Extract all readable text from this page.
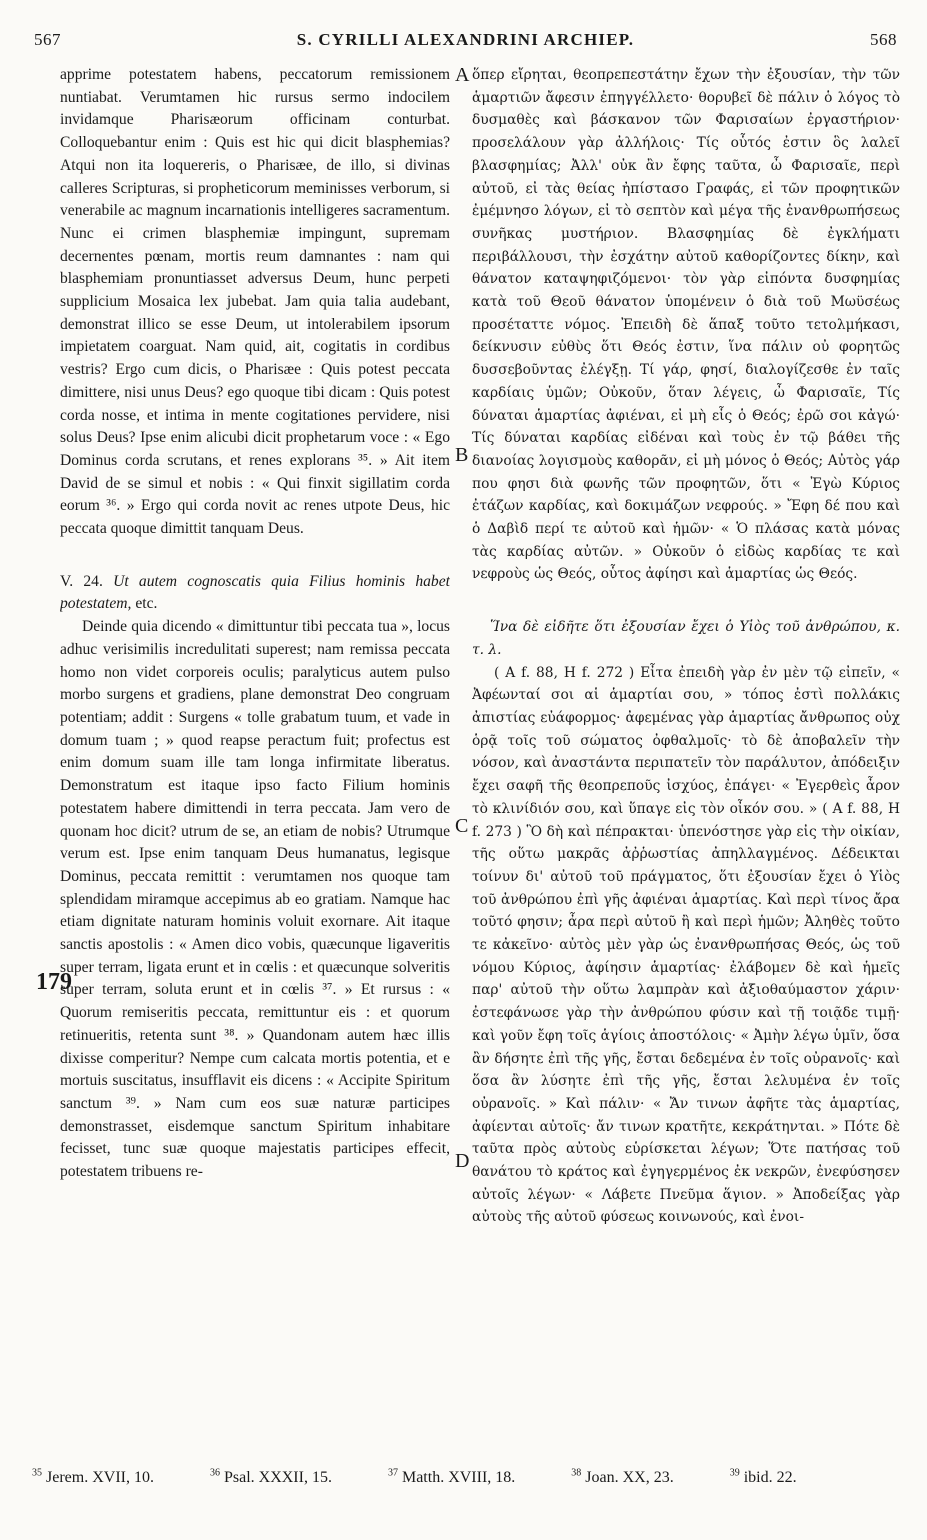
567	S. CYRILLI ALEXANDRINI ARCHIEP.	568

apprime potestatem habens, peccatorum remissionem nuntiabat. Verumtamen hic rursus sermo indocilem invidamque Pharisæorum officinam conturbat. Colloquebantur enim : Quis est hic qui dicit blasphemias? Atqui non ita loquereris, o Pharisæe, de illo, si divinas calleres Scripturas, si propheticorum meminisses verborum, si venerabile ac magnum incarnationis intelligeres sacramentum. Nunc ei crimen blasphemiæ impingunt, supremam decernentes pœnam, mortis reum damnantes : nam qui blasphemiam pronuntiasset adversus Deum, hunc perpeti supplicium Mosaica lex jubebat. Jam quia talia audebant, demonstrat illico se esse Deum, ut intolerabilem ipsorum impietatem coarguat. Nam quid, ait, cogitatis in cordibus vestris? Ergo cum dicis, o Pharisæe : Quis potest peccata dimittere, nisi unus Deus? ego quoque tibi dicam : Quis potest corda nosse, et intima in mente cogitationes pervidere, nisi solus Deus? Ipse enim alicubi dicit prophetarum voce : « Ego Dominus corda scrutans, et renes explorans ³⁵. » Ait item David de se simul et nobis : « Qui finxit sigillatim corda eorum ³⁶. » Ergo qui corda novit ac renes utpote Deus, hic peccata quoque dimittit tanquam Deus.

V. 24. Ut autem cognoscatis quia Filius hominis habet potestatem, etc.

Deinde quia dicendo « dimittuntur tibi peccata tua », locus adhuc verisimilis incredulitati superest; nam remissa peccata homo non videt corporeis oculis; paralyticus autem pulso morbo surgens et gradiens, plane demonstrat Deo congruam potentiam; addit : Surgens « tolle grabatum tuum, et vade in domum tuam ; » quod reapse peractum fuit; profectus est enim domum suam ille tam longa infirmitate liberatus. Demonstratum est itaque ipso facto Filium hominis potestatem habere dimittendi in terra peccata. Jam vero de quonam hoc dicit? utrum de se, an etiam de nobis? Utrumque verum est. Ipse enim tanquam Deus humanatus, legisque Dominus, peccata remittit : verumtamen nos quoque tam splendidam miramque accepimus ab eo gratiam. Namque hac etiam dignitate naturam hominis voluit exornare. Ait itaque sanctis apostolis : « Amen dico vobis, quæcunque ligaveritis super terram, ligata erunt et in cœlis : et quæcunque solveritis super terram, soluta erunt et in cœlis ³⁷. » Et rursus : « Quorum remiseritis peccata, remittuntur eis : et quorum retinueritis, retenta sunt ³⁸. » Quandonam autem hæc illis dixisse comperitur? Nempe cum calcata mortis potentia, et e mortuis suscitatus, insufflavit eis dicens : « Accipite Spiritum sanctum ³⁹. » Nam cum eos suæ naturæ participes demonstrasset, eisdemque sanctum Spiritum inhabitare fecisset, tunc suæ quoque majestatis participes effecit, potestatem tribuens re-

ὅπερ εἴρηται, θεοπρεπεστάτην ἔχων τὴν ἐξουσίαν, τὴν τῶν ἁμαρτιῶν ἄφεσιν ἐπηγγέλλετο· θορυβεῖ δὲ πάλιν ὁ λόγος τὸ δυσμαθὲς καὶ βάσκανον τῶν Φαρισαίων ἐργαστήριον· προσελάλουν γὰρ ἀλλήλοις· Τίς οὗτός ἐστιν ὃς λαλεῖ βλασφημίας; Ἀλλ' οὐκ ἂν ἔφης ταῦτα, ὦ Φαρισαῖε, περὶ αὐτοῦ, εἰ τὰς θείας ἠπίστασο Γραφάς, εἰ τῶν προφητικῶν ἐμέμνησο λόγων, εἰ τὸ σεπτὸν καὶ μέγα τῆς ἐνανθρωπήσεως συνῆκας μυστήριον. Βλασφημίας δὲ ἐγκλήματι περιβάλλουσι, τὴν ἐσχάτην αὐτοῦ καθορίζοντες δίκην, καὶ θάνατον καταψηφιζόμενοι· τὸν γὰρ εἰπόντα δυσφημίας κατὰ τοῦ Θεοῦ θάνατον ὑπομένειν ὁ διὰ τοῦ Μωϋσέως προσέταττε νόμος. Ἐπειδὴ δὲ ἅπαξ τοῦτο τετολμήκασι, δείκνυσιν εὐθὺς ὅτι Θεός ἐστιν, ἵνα πάλιν οὐ φορητῶς δυσσεβοῦντας ἐλέγξῃ. Τί γάρ, φησί, διαλογίζεσθε ἐν ταῖς καρδίαις ὑμῶν; Οὐκοῦν, ὅταν λέγεις, ὦ Φαρισαῖε, Τίς δύναται ἁμαρτίας ἀφιέναι, εἰ μὴ εἷς ὁ Θεός; ἐρῶ σοι κἀγώ· Τίς δύναται καρδίας εἰδέναι καὶ τοὺς ἐν τῷ βάθει τῆς διανοίας λογισμοὺς καθορᾶν, εἰ μὴ μόνος ὁ Θεός; Αὐτὸς γάρ που φησι διὰ φωνῆς τῶν προφητῶν, ὅτι « Ἐγὼ Κύριος ἐτάζων καρδίας, καὶ δοκιμάζων νεφρούς. » Ἔφη δέ που καὶ ὁ Δαβὶδ περί τε αὐτοῦ καὶ ἡμῶν· « Ὁ πλάσας κατὰ μόνας τὰς καρδίας αὐτῶν. » Οὐκοῦν ὁ εἰδὼς καρδίας τε καὶ νεφροὺς ὡς Θεός, οὗτος ἀφίησι καὶ ἁμαρτίας ὡς Θεός.

Ἵνα δὲ εἰδῆτε ὅτι ἐξουσίαν ἔχει ὁ Υἱὸς τοῦ ἀνθρώπου, κ. τ. λ.

( A f. 88, H f. 272 ) Εἶτα ἐπειδὴ γὰρ ἐν μὲν τῷ εἰπεῖν, « Ἀφέωνταί σοι αἱ ἁμαρτίαι σου, » τόπος ἐστὶ πολλάκις ἀπιστίας εὐάφορμος· ἀφεμένας γὰρ ἁμαρτίας ἄνθρωπος οὐχ ὁρᾷ τοῖς τοῦ σώματος ὀφθαλμοῖς· τὸ δὲ ἀποβαλεῖν τὴν νόσον, καὶ ἀναστάντα περιπατεῖν τὸν παράλυτον, ἀπόδειξιν ἔχει σαφῆ τῆς θεοπρεποῦς ἰσχύος, ἐπάγει· « Ἐγερθεὶς ἆρον τὸ κλινίδιόν σου, καὶ ὕπαγε εἰς τὸν οἶκόν σου. » ( A f. 88, H f. 273 ) Ὃ δὴ καὶ πέπρακται· ὑπενόστησε γὰρ εἰς τὴν οἰκίαν, τῆς οὕτω μακρᾶς ἀῤῥωστίας ἀπηλλαγμένος. Δέδεικται τοίνυν δι' αὐτοῦ τοῦ πράγματος, ὅτι ἐξουσίαν ἔχει ὁ Υἱὸς τοῦ ἀνθρώπου ἐπὶ γῆς ἀφιέναι ἁμαρτίας. Καὶ περὶ τίνος ἄρα τοῦτό φησιν; ἆρα περὶ αὐτοῦ ἢ καὶ περὶ ἡμῶν; Ἀληθὲς τοῦτο τε κἀκεῖνο· αὐτὸς μὲν γὰρ ὡς ἐνανθρωπήσας Θεός, ὡς τοῦ νόμου Κύριος, ἀφίησιν ἁμαρτίας· ἐλάβομεν δὲ καὶ ἡμεῖς παρ' αὐτοῦ τὴν οὕτω λαμπρὰν καὶ ἀξιοθαύμαστον χάριν· ἐστεφάνωσε γὰρ τὴν ἀνθρώπου φύσιν καὶ τῇ τοιᾷδε τιμῇ· καὶ γοῦν ἔφη τοῖς ἁγίοις ἀποστόλοις· « Ἀμὴν λέγω ὑμῖν, ὅσα ἂν δήσητε ἐπὶ τῆς γῆς, ἔσται δεδεμένα ἐν τοῖς οὐρανοῖς· καὶ ὅσα ἂν λύσητε ἐπὶ τῆς γῆς, ἔσται λελυμένα ἐν τοῖς οὐρανοῖς. » Καὶ πάλιν· « Ἄν τινων ἀφῆτε τὰς ἁμαρτίας, ἀφίενται αὐτοῖς· ἄν τινων κρατῆτε, κεκράτηνται. » Πότε δὲ ταῦτα πρὸς αὐτοὺς εὑρίσκεται λέγων; Ὅτε πατήσας τοῦ θανάτου τὸ κράτος καὶ ἐγηγερμένος ἐκ νεκρῶν, ἐνεφύσησεν αὐτοῖς λέγων· « Λάβετε Πνεῦμα ἅγιον. » Ἀποδείξας γὰρ αὐτοὺς τῆς αὐτοῦ φύσεως κοινωνούς, καὶ ἐνοι-

A
B
C
D
179
$^{35}$ Jerem. XVII, 10.	$^{36}$ Psal. XXXII, 15.	$^{37}$ Matth. XVIII, 18.	$^{38}$ Joan. XX, 23.	$^{39}$ ibid. 22.
